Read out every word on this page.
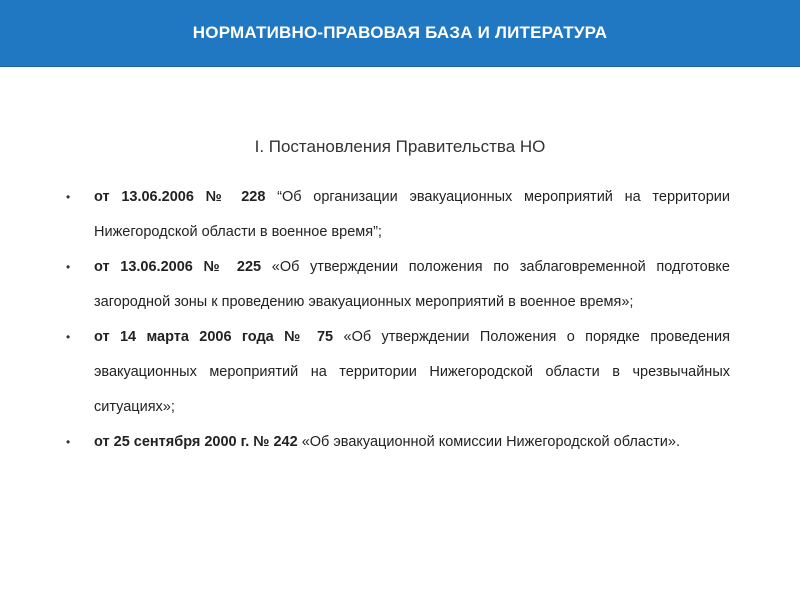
НОРМАТИВНО-ПРАВОВАЯ БАЗА И ЛИТЕРАТУРА
I. Постановления Правительства НО
• от 13.06.2006 № 228 “Об организации эвакуационных мероприятий на территории Нижегородской области в военное время”;
• от 13.06.2006 № 225 «Об утверждении положения по заблаговременной подготовке загородной зоны к проведению эвакуационных мероприятий в военное время»;
• от 14 марта 2006 года № 75 «Об утверждении Положения о порядке проведения эвакуационных мероприятий на территории Нижегородской области в чрезвычайных ситуациях»;
• от 25 сентября 2000 г. № 242 «Об эвакуационной комиссии Нижегородской области».
